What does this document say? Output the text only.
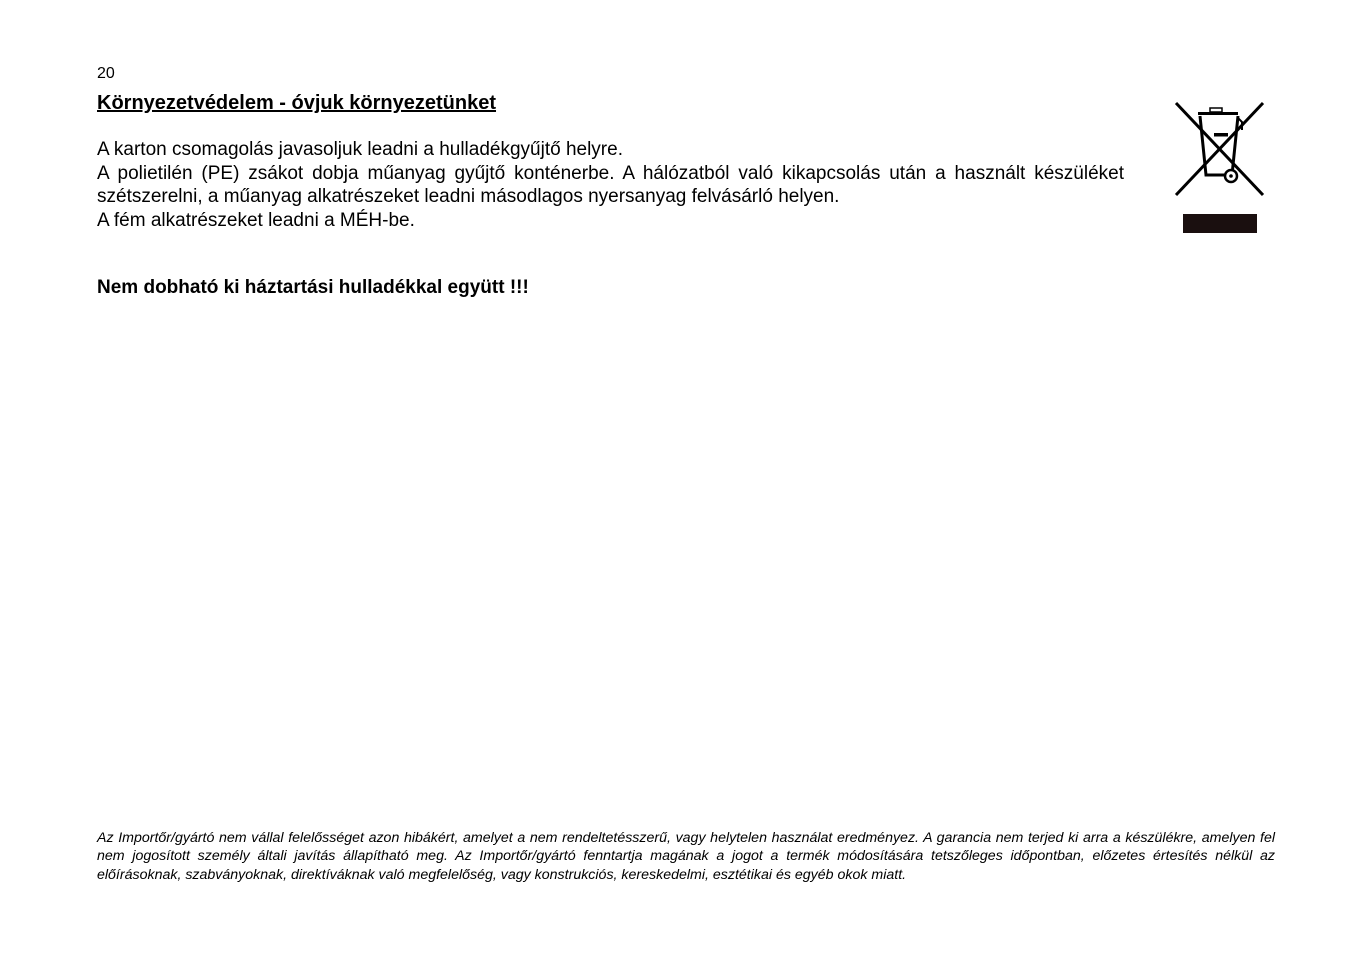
20
Környezetvédelem - óvjuk környezetünket

A karton csomagolás javasoljuk leadni a hulladékgyűjtő helyre.

A polietilén (PE) zsákot dobja műanyag gyűjtő konténerbe. A hálózatból való kikapcsolás után a használt készüléket szétszerelni, a műanyag alkatrészeket leadni másodlagos nyersanyag felvásárló helyen.

A fém alkatrészeket leadni a MÉH-be.

Nem dobható ki háztartási hulladékkal együtt !!!
Az Importőr/gyártó nem vállal felelősséget azon hibákért, amelyet a nem rendeltetésszerű, vagy helytelen használat eredményez. A garancia nem terjed ki arra a készülékre, amelyen fel nem jogosított személy általi javítás állapítható meg. Az Importőr/gyártó fenntartja magának a jogot a termék módosítására tetszőleges időpontban, előzetes értesítés nélkül az előírásoknak, szabványoknak, direktíváknak való megfelelőség, vagy konstrukciós, kereskedelmi, esztétikai és egyéb okok miatt.
